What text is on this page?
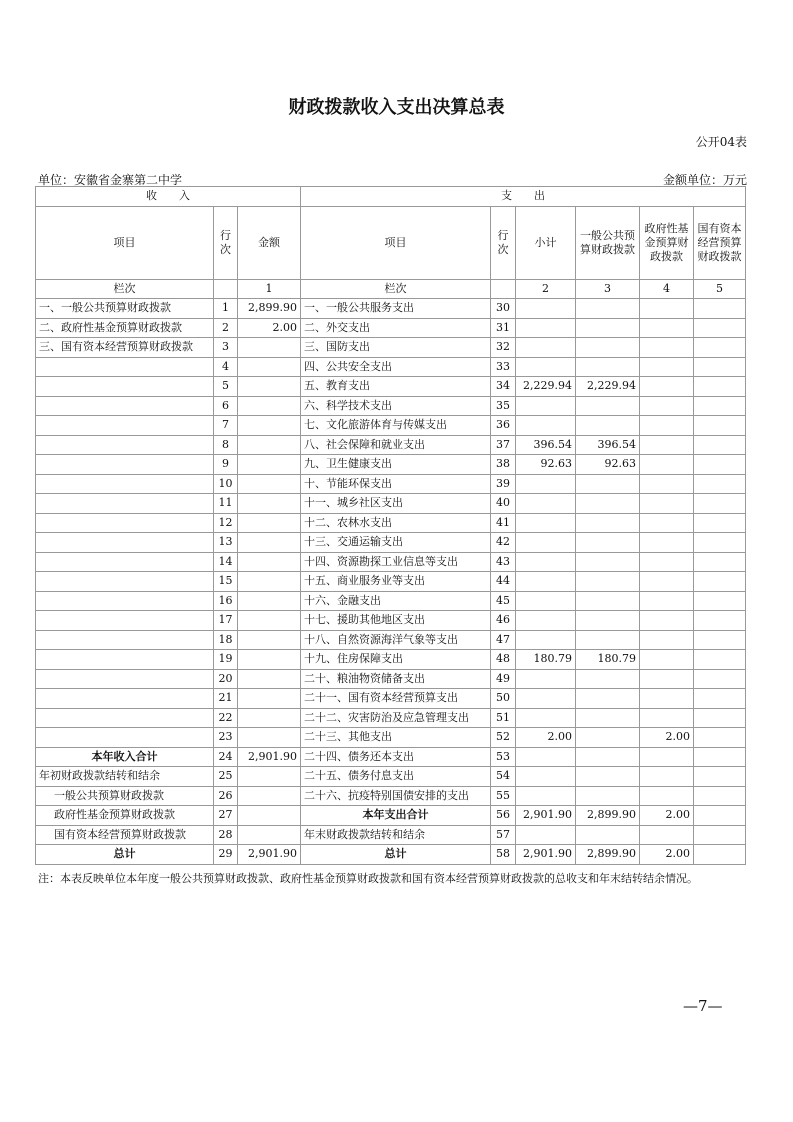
财政拨款收入支出决算总表
公开04表
单位：安徽省金寨第二中学	金额单位：万元
收　　入			支　　出					
项目	行次	金额	项目	行次	小计	一般公共预算财政拨款	政府性基金预算财政拨款	国有资本经营预算财政拨款
栏次		1	栏次		2	3	4	5
一、一般公共预算财政拨款	1	2,899.90	一、一般公共服务支出	30				
二、政府性基金预算财政拨款	2	2.00	二、外交支出	31				
三、国有资本经营预算财政拨款	3		三、国防支出	32				
	4		四、公共安全支出	33				
	5		五、教育支出	34	2,229.94	2,229.94		
	6		六、科学技术支出	35				
	7		七、文化旅游体育与传媒支出	36				
	8		八、社会保障和就业支出	37	396.54	396.54		
	9		九、卫生健康支出	38	92.63	92.63		
	10		十、节能环保支出	39				
	11		十一、城乡社区支出	40				
	12		十二、农林水支出	41				
	13		十三、交通运输支出	42				
	14		十四、资源勘探工业信息等支出	43				
	15		十五、商业服务业等支出	44				
	16		十六、金融支出	45				
	17		十七、援助其他地区支出	46				
	18		十八、自然资源海洋气象等支出	47				
	19		十九、住房保障支出	48	180.79	180.79		
	20		二十、粮油物资储备支出	49				
	21		二十一、国有资本经营预算支出	50				
	22		二十二、灾害防治及应急管理支出	51				
	23		二十三、其他支出	52	2.00		2.00	
本年收入合计	24	2,901.90	二十四、债务还本支出	53				
年初财政拨款结转和结余	25		二十五、债务付息支出	54				
一般公共预算财政拨款	26		二十六、抗疫特别国债安排的支出	55				
政府性基金预算财政拨款	27		本年支出合计	56	2,901.90	2,899.90	2.00	
国有资本经营预算财政拨款	28		年末财政拨款结转和结余	57				
总计	29	2,901.90	总计	58	2,901.90	2,899.90	2.00	
注：本表反映单位本年度一般公共预算财政拨款、政府性基金预算财政拨款和国有资本经营预算财政拨款的总收支和年末结转结余情况。
—7—
